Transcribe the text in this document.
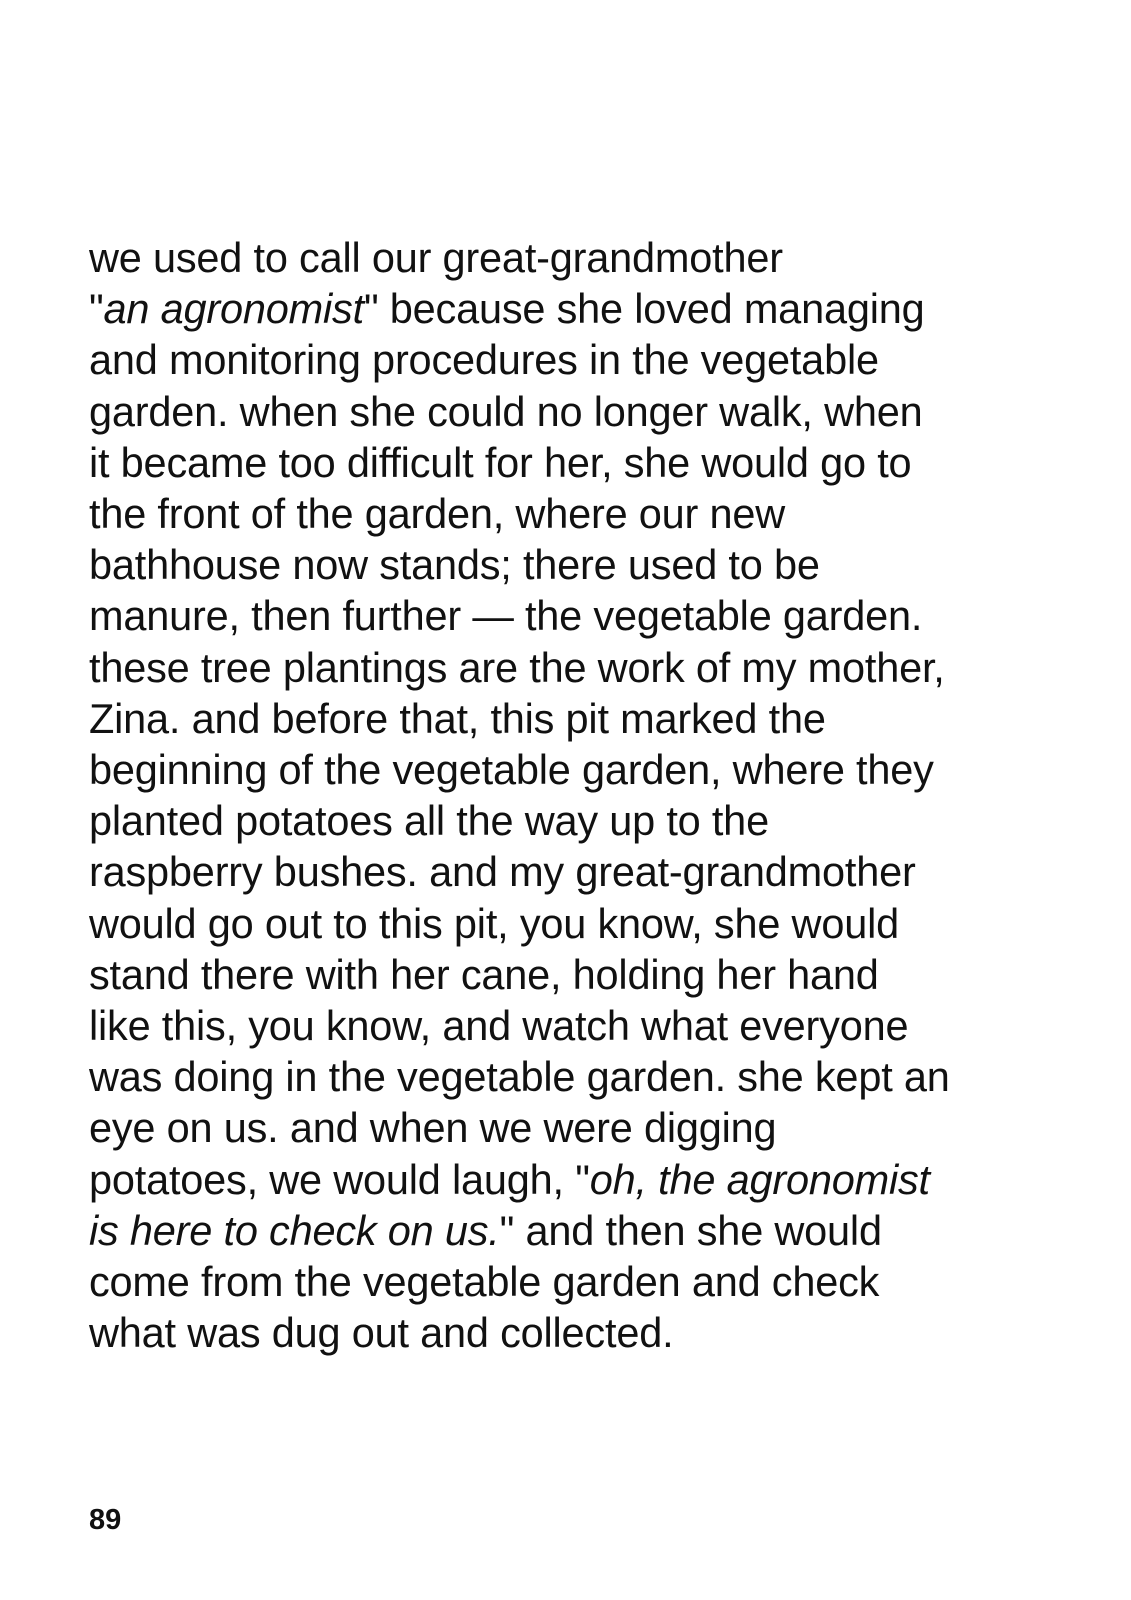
we used to call our great-grandmother
"an agronomist" because she loved managing
and monitoring procedures in the vegetable
garden. when she could no longer walk, when
it became too difficult for her, she would go to
the front of the garden, where our new
bathhouse now stands; there used to be
manure, then further — the vegetable garden.
these tree plantings are the work of my mother,
Zina. and before that, this pit marked the
beginning of the vegetable garden, where they
planted potatoes all the way up to the
raspberry bushes. and my great-grandmother
would go out to this pit, you know, she would
stand there with her cane, holding her hand
like this, you know, and watch what everyone
was doing in the vegetable garden. she kept an
eye on us. and when we were digging
potatoes, we would laugh, "oh, the agronomist
is here to check on us." and then she would
come from the vegetable garden and check
what was dug out and collected.
89
